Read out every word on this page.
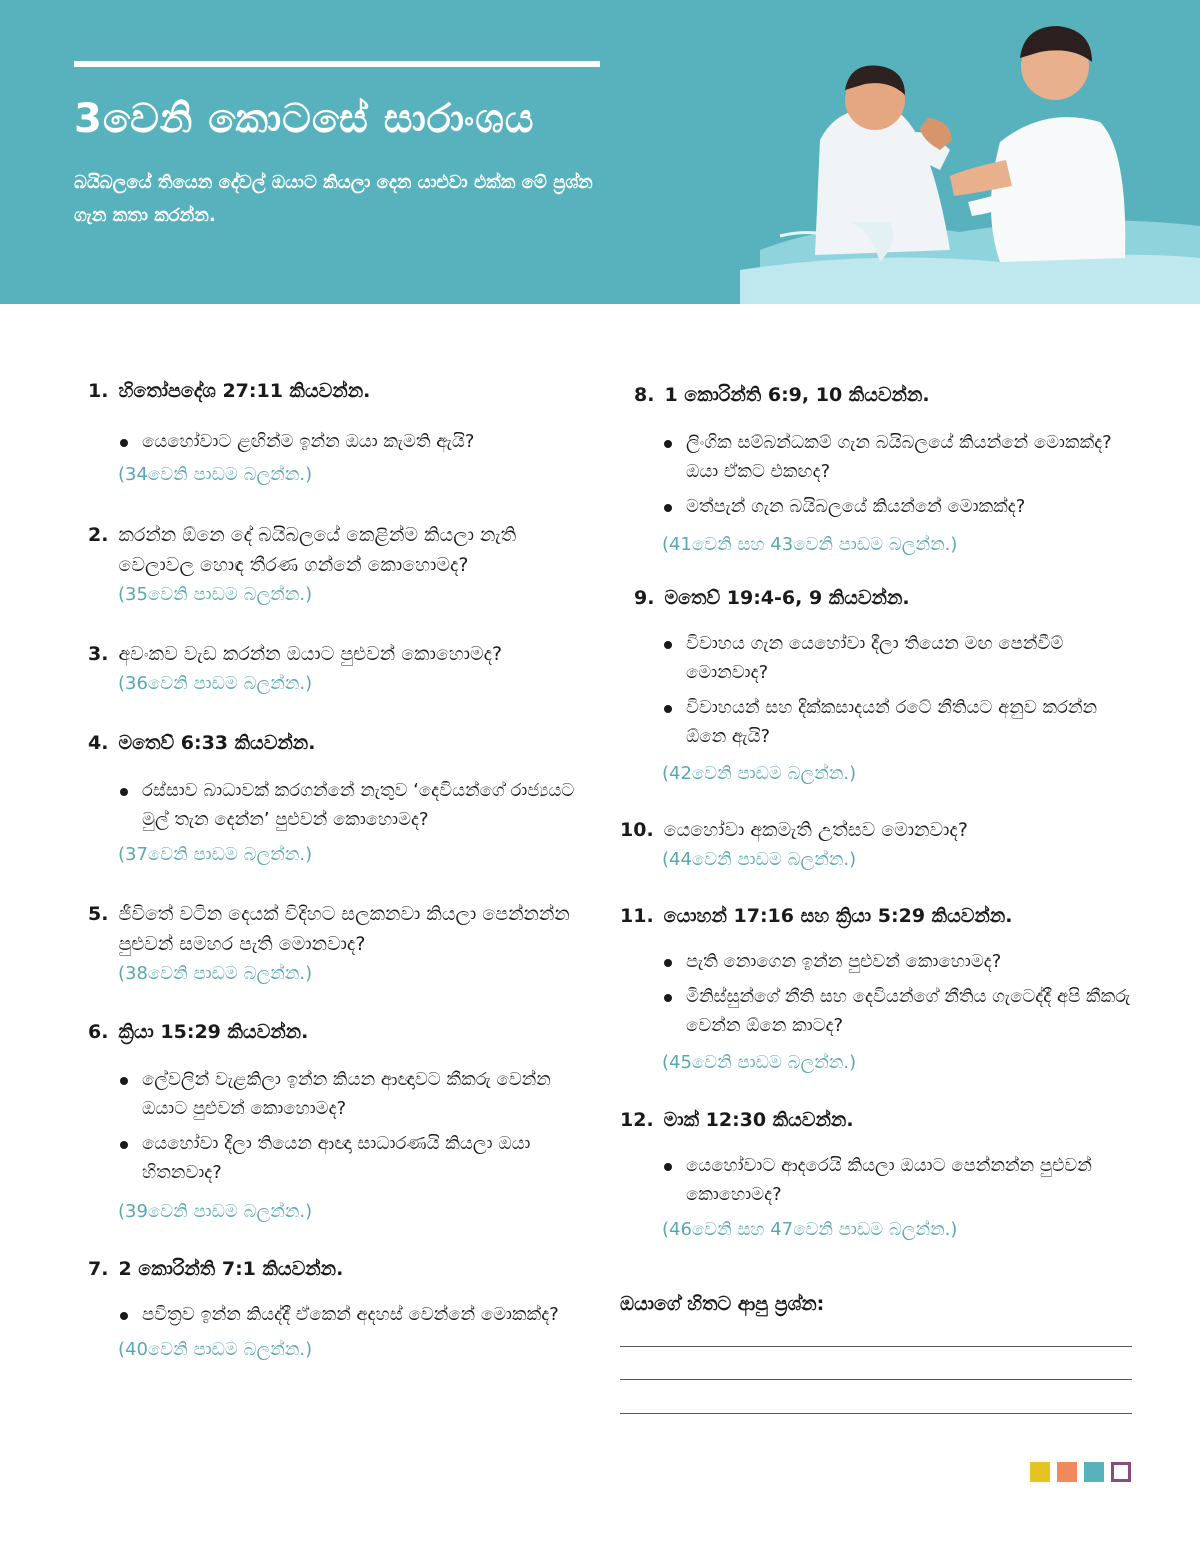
3වෙනි කොටසේ සාරාංශය

බයිබලයේ තියෙන දේවල් ඔයාට කියලා දෙන යාළුවා එක්ක මේ ප්‍රශ්න ගැන කතා කරන්න.

1. හිතෝපදේශ 27:11 කියවන්න.

යෙහෝවාට ළඟින්ම ඉන්න ඔයා කැමති ඇයි?

(34වෙනි පාඩම බලන්න.)

2. කරන්න ඕනෙ දේ බයිබලයේ කෙළින්ම කියලා නැති වෙලාවල හොඳ තීරණ ගන්නේ කොහොමද?

(35වෙනි පාඩම බලන්න.)

3. අවංකව වැඩ කරන්න ඔයාට පුළුවන් කොහොමද?

(36වෙනි පාඩම බලන්න.)

4. මතෙව් 6:33 කියවන්න.

රස්සාව බාධාවක් කරගන්නේ නැතුව ‘දෙවියන්ගේ රාජ්‍යයට මුල් තැන දෙන්න’ පුළුවන් කොහොමද?

(37වෙනි පාඩම බලන්න.)

5. ජීවිතේ වටින දෙයක් විදිහට සලකනවා කියලා පෙන්නන්න පුළුවන් සමහර පැති මොනවාද?

(38වෙනි පාඩම බලන්න.)

6. ක්‍රියා 15:29 කියවන්න.

ලේවලින් වැළකිලා ඉන්න කියන ආඥාවට කීකරු වෙන්න ඔයාට පුළුවන් කොහොමද?
යෙහෝවා දීලා තියෙන ආඥා සාධාරණයි කියලා ඔයා හිතනවාද?

(39වෙනි පාඩම බලන්න.)

7. 2 කොරින්ති 7:1 කියවන්න.

පවිත්‍රව ඉන්න කියද්දී ඒකෙන් අදහස් වෙන්නේ මොකක්ද?

(40වෙනි පාඩම බලන්න.)

8. 1 කොරින්ති 6:9, 10 කියවන්න.

ලිංගික සම්බන්ධකම් ගැන බයිබලයේ කියන්නේ මොකක්ද? ඔයා ඒකට එකඟද?
මත්පැන් ගැන බයිබලයේ කියන්නේ මොකක්ද?

(41වෙනි සහ 43වෙනි පාඩම බලන්න.)

9. මතෙව් 19:4-6, 9 කියවන්න.

විවාහය ගැන යෙහෝවා දීලා තියෙන මඟ පෙන්වීම් මොනවාද?
විවාහයන් සහ දික්කසාදයන් රටේ නීතියට අනුව කරන්න ඕනෙ ඇයි?

(42වෙනි පාඩම බලන්න.)

10. යෙහෝවා අකමැති උත්සව මොනවාද?

(44වෙනි පාඩම බලන්න.)

11. යොහන් 17:16 සහ ක්‍රියා 5:29 කියවන්න.

පැති නොගෙන ඉන්න පුළුවන් කොහොමද?
මිනිස්සුන්ගේ නීති සහ දෙවියන්ගේ නීතිය ගැටෙද්දී අපි කීකරු වෙන්න ඕනෙ කාටද?

(45වෙනි පාඩම බලන්න.)

12. මාක් 12:30 කියවන්න.

යෙහෝවාට ආදරෙයි කියලා ඔයාට පෙන්නන්න පුළුවන් කොහොමද?

(46වෙනි සහ 47වෙනි පාඩම බලන්න.)

ඔයාගේ හිතට ආපු ප්‍රශ්න:
